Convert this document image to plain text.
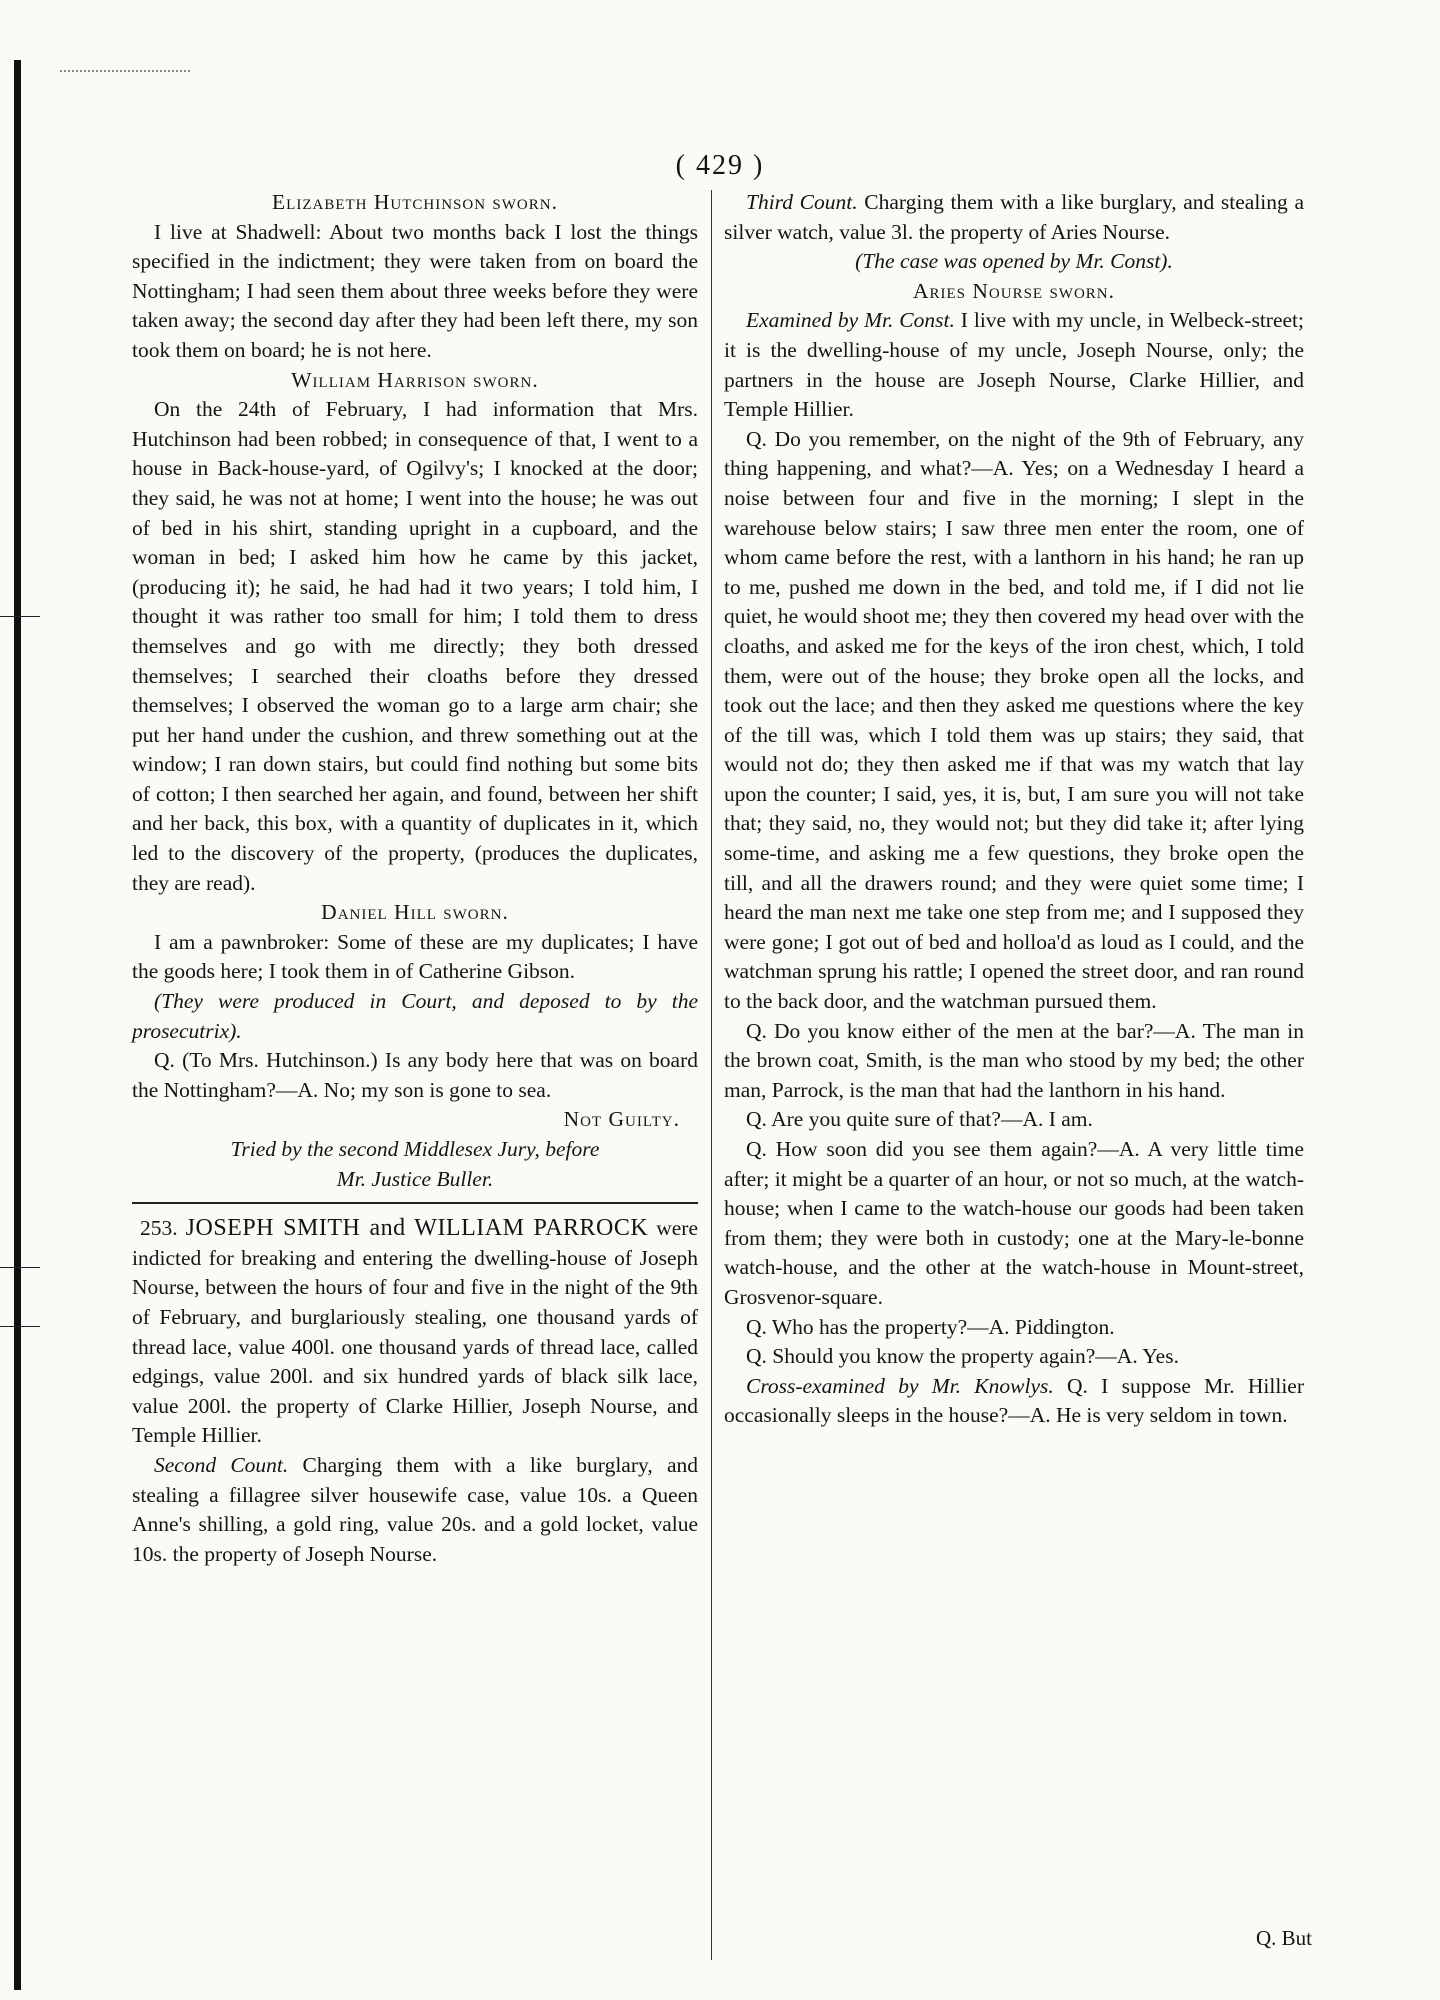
( 429 )

Elizabeth Hutchinson sworn.

I live at Shadwell: About two months back I lost the things specified in the indictment; they were taken from on board the Nottingham; I had seen them about three weeks before they were taken away; the second day after they had been left there, my son took them on board; he is not here.

William Harrison sworn.

On the 24th of February, I had information that Mrs. Hutchinson had been robbed; in consequence of that, I went to a house in Back-house-yard, of Ogilvy's; I knocked at the door; they said, he was not at home; I went into the house; he was out of bed in his shirt, standing upright in a cupboard, and the woman in bed; I asked him how he came by this jacket, (producing it); he said, he had had it two years; I told him, I thought it was rather too small for him; I told them to dress themselves and go with me directly; they both dressed themselves; I searched their cloaths before they dressed themselves; I observed the woman go to a large arm chair; she put her hand under the cushion, and threw something out at the window; I ran down stairs, but could find nothing but some bits of cotton; I then searched her again, and found, between her shift and her back, this box, with a quantity of duplicates in it, which led to the discovery of the property, (produces the duplicates, they are read).

Daniel Hill sworn.

I am a pawnbroker: Some of these are my duplicates; I have the goods here; I took them in of Catherine Gibson.

(They were produced in Court, and deposed to by the prosecutrix).

Q. (To Mrs. Hutchinson.) Is any body here that was on board the Nottingham?—A. No; my son is gone to sea.

Not Guilty.

Tried by the second Middlesex Jury, before

Mr. Justice Buller.

253. JOSEPH SMITH and WILLIAM PARROCK were indicted for breaking and entering the dwelling-house of Joseph Nourse, between the hours of four and five in the night of the 9th of February, and burglariously stealing, one thousand yards of thread lace, value 400l. one thousand yards of thread lace, called edgings, value 200l. and six hundred yards of black silk lace, value 200l. the property of Clarke Hillier, Joseph Nourse, and Temple Hillier.

Second Count. Charging them with a like burglary, and stealing a fillagree silver housewife case, value 10s. a Queen Anne's shilling, a gold ring, value 20s. and a gold locket, value 10s. the property of Joseph Nourse.

Third Count. Charging them with a like burglary, and stealing a silver watch, value 3l. the property of Aries Nourse.

(The case was opened by Mr. Const).

Aries Nourse sworn.

Examined by Mr. Const. I live with my uncle, in Welbeck-street; it is the dwelling-house of my uncle, Joseph Nourse, only; the partners in the house are Joseph Nourse, Clarke Hillier, and Temple Hillier.

Q. Do you remember, on the night of the 9th of February, any thing happening, and what?—A. Yes; on a Wednesday I heard a noise between four and five in the morning; I slept in the warehouse below stairs; I saw three men enter the room, one of whom came before the rest, with a lanthorn in his hand; he ran up to me, pushed me down in the bed, and told me, if I did not lie quiet, he would shoot me; they then covered my head over with the cloaths, and asked me for the keys of the iron chest, which, I told them, were out of the house; they broke open all the locks, and took out the lace; and then they asked me questions where the key of the till was, which I told them was up stairs; they said, that would not do; they then asked me if that was my watch that lay upon the counter; I said, yes, it is, but, I am sure you will not take that; they said, no, they would not; but they did take it; after lying some-time, and asking me a few questions, they broke open the till, and all the drawers round; and they were quiet some time; I heard the man next me take one step from me; and I supposed they were gone; I got out of bed and holloa'd as loud as I could, and the watchman sprung his rattle; I opened the street door, and ran round to the back door, and the watchman pursued them.

Q. Do you know either of the men at the bar?—A. The man in the brown coat, Smith, is the man who stood by my bed; the other man, Parrock, is the man that had the lanthorn in his hand.

Q. Are you quite sure of that?—A. I am.

Q. How soon did you see them again?—A. A very little time after; it might be a quarter of an hour, or not so much, at the watch-house; when I came to the watch-house our goods had been taken from them; they were both in custody; one at the Mary-le-bonne watch-house, and the other at the watch-house in Mount-street, Grosvenor-square.

Q. Who has the property?—A. Piddington.

Q. Should you know the property again?—A. Yes.

Cross-examined by Mr. Knowlys. Q. I suppose Mr. Hillier occasionally sleeps in the house?—A. He is very seldom in town.

Q. But
